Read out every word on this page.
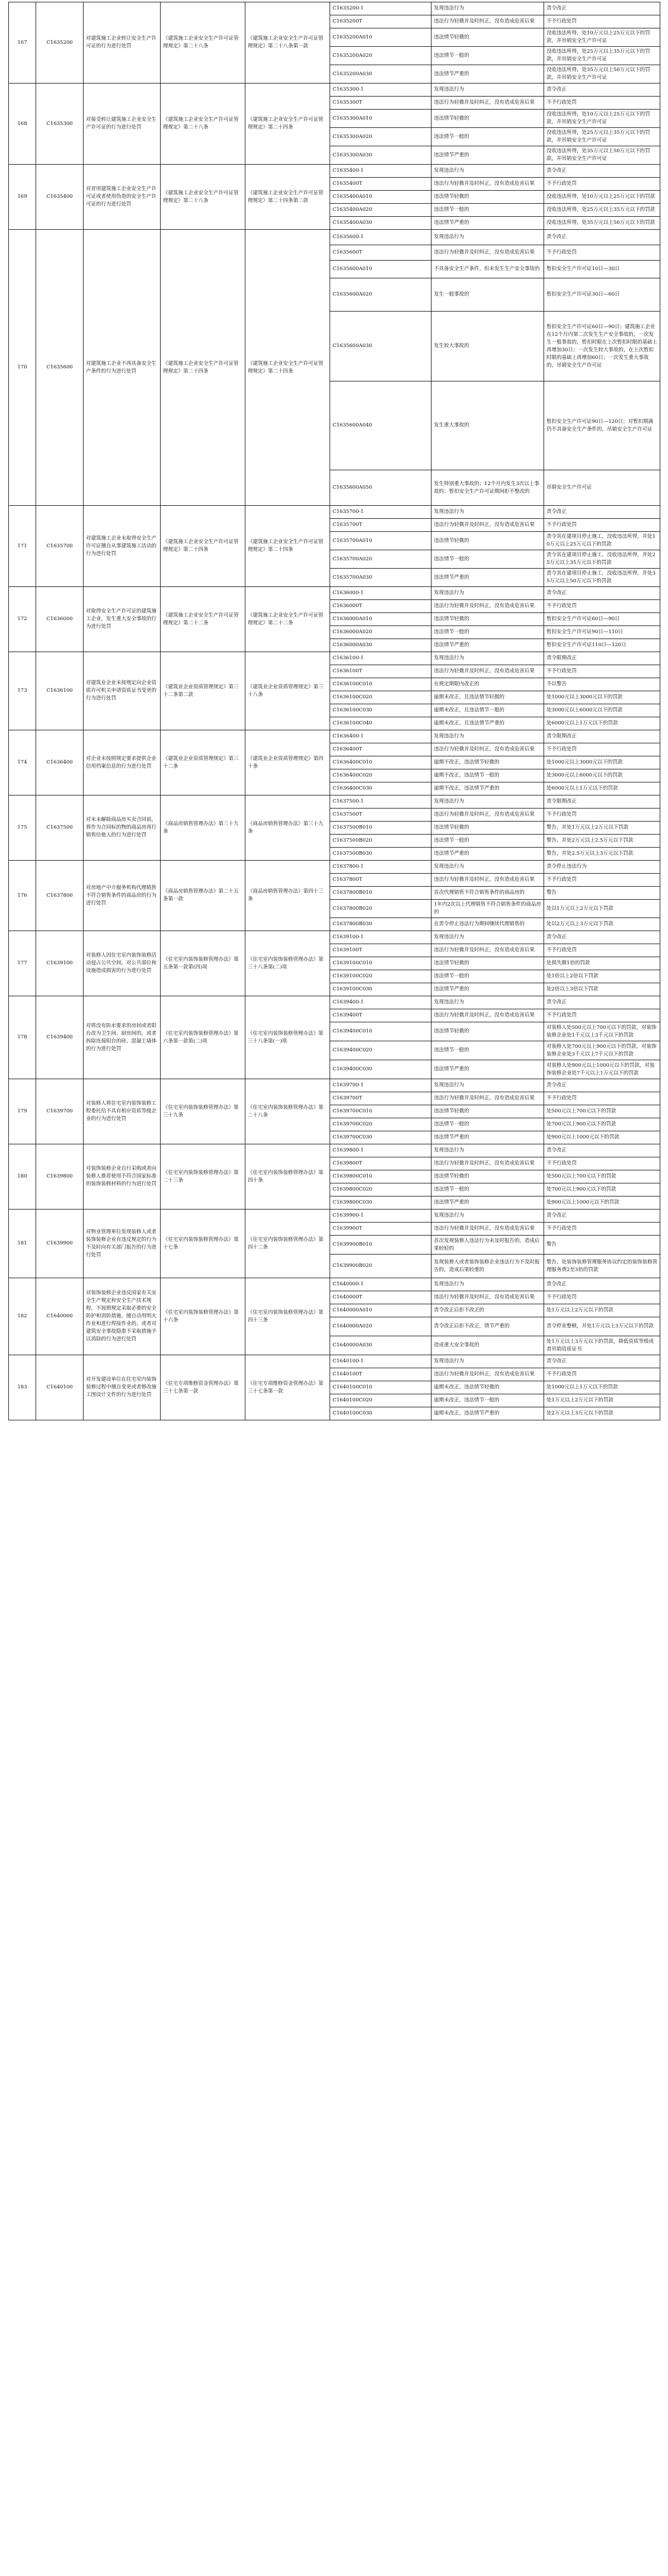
167	C1635200	对建筑施工企业转让安全生产许可证的行为进行处罚	《建筑施工企业安全生产许可证管理规定》第二十八条	《建筑施工企业安全生产许可证管理规定》第二十八条第一款	C1635200-1	发现违法行为	责令改正
					C1635200T	违法行为轻微并及时纠正，没有造成危害后果	不予行政处罚
					C1635200A010	违法情节轻微的	没收违法所得，处10万元以上25万元以下的罚款，并吊销安全生产许可证
					C1635200A020	违法情节一般的	没收违法所得，处25万元以上35万元以下的罚款，并吊销安全生产许可证
					C1635200A030	违法情节严重的	没收违法所得，处35万元以上50万元以下的罚款，并吊销安全生产许可证
168	C1635300	对接受转让建筑施工企业安全生产许可证的行为进行处罚	《建筑施工企业安全生产许可证管理规定》第二十八条	《建筑施工企业安全生产许可证管理规定》第二十四条	C1635300-1	发现违法行为	责令改正
					C1635300T	违法行为轻微并及时纠正，没有造成危害后果	不予行政处罚
					C1635300A010	违法情节轻微的	没收违法所得，处10万元以上25万元以下的罚款，并吊销安全生产许可证
					C1635300A020	违法情节一般的	没收违法所得，处25万元以上35万元以下的罚款，并吊销安全生产许可证
					C1635300A030	违法情节严重的	没收违法所得，处35万元以上50万元以下的罚款，并吊销安全生产许可证
169	C1635400	对冒用建筑施工企业安全生产许可证或者使用伪造的安全生产许可证的行为进行处罚	《建筑施工企业安全生产许可证管理规定》第二十八条	《建筑施工企业安全生产许可证管理规定》第二十四条第二款	C1635400-1	发现违法行为	责令改正
					C1635400T	违法行为轻微并及时纠正，没有造成危害后果	不予行政处罚
					C1635400A010	违法情节轻微的	没收违法所得，处10万元以上25万元以下的罚款
					C1635400A020	违法情节一般的	没收违法所得，处25万元以上35万元以下的罚款
					C1635400A030	违法情节严重的	没收违法所得，处35万元以上50万元以下的罚款
170	C1635600	对建筑施工企业不再具备安全生产条件的行为进行处罚	《建筑施工企业安全生产许可证管理规定》第二十四条	《建筑施工企业安全生产许可证管理规定》第二十四条	C1635600-1	发现违法行为	责令改正
					C1635600T	违法行为轻微并及时纠正，没有造成危害后果	不予行政处罚
					C1635600A010	不具备安全生产条件，但未发生生产安全事故的	暂扣安全生产许可证10日—30日
					C1635600A020	发生一般事故的	暂扣安全生产许可证30日—60日
					C1635600A030	发生较大事故的	暂扣安全生产许可证60日—90日；建筑施工企业在12个月内第二次发生生产安全事故的，一次发生一般事故的，暂扣时限在上次暂扣时限的基础上再增加30日；一次发生较大事故的，在上次暂扣时限的基础上再增加60日；一次发生重大事故的，吊销安全生产许可证
					C1635600A040	发生重大事故的	暂扣安全生产许可证90日—120日；对暂扣期满仍不具备安全生产条件的，吊销安全生产许可证
					C1635600A050	发生特别重大事故的；12个月内发生3次以上事故的；暂扣安全生产许可证期间拒不整改的	吊销安全生产许可证
171	C1635700	对建筑施工企业未取得安全生产许可证擅自从事建筑施工活动的行为进行处罚	《建筑施工企业安全生产许可证管理规定》第二十四条	《建筑施工企业安全生产许可证管理规定》第二十四条	C1635700-1	发现违法行为	责令改正
					C1635700T	违法行为轻微并及时纠正，没有造成危害后果	不予行政处罚
					C1635700A010	违法情节轻微的	责令其在建项目停止施工，没收违法所得，并处10万元以上25万元以下的罚款
					C1635700A020	违法情节一般的	责令其在建项目停止施工，没收违法所得，并处25万元以上35万元以下的罚款
					C1635700A030	违法情节严重的	责令其在建项目停止施工，没收违法所得，并处35万元以上50万元以下的罚款
172	C1636000	对取得安全生产许可证的建筑施工企业，发生重大安全事故的行为进行处罚	《建筑施工企业安全生产许可证管理规定》第二十二条	《建筑施工企业安全生产许可证管理规定》第二十二条	C1636000-1	发现违法行为	责令改正
					C1636000T	违法行为轻微并及时纠正，没有造成危害后果	不予行政处罚
					C1636000A010	违法情节轻微的	暂扣安全生产许可证60日—90日
					C1636000A020	违法情节一般的	暂扣安全生产许可证90日—110日
					C1636000A030	违法情节严重的	暂扣安全生产许可证110日—120日
173	C1636100	对建筑业企业未按规定向企业资质许可机关申请资质证书变更的行为进行处罚	《建筑业企业资质管理规定》第三十二条第二款	《建筑业企业资质管理规定》第三十八条	C1636100-1	发现违法行为	责令限期改正
					C1636100T	违法行为轻微并及时纠正，没有造成危害后果	不予行政处罚
					C1636100C010	在规定期限内改正的	予以警告
					C1636100C020	逾期未改正，且违法情节轻微的	处1000元以上3000元以下的罚款
					C1636100C030	逾期未改正，且违法情节一般的	处3000元以上6000元以下的罚款
					C1636100C040	逾期未改正，且违法情节严重的	处6000元以上1万元以下的罚款
174	C1636400	对企业未按照规定要求提供企业信用档案信息的行为进行处罚	《建筑业企业资质管理规定》第三十二条	《建筑业企业资质管理规定》第四十条	C1636400-1	发现违法行为	责令限期改正
					C1636400T	违法行为轻微并及时纠正，没有造成危害后果	不予行政处罚
					C1636400C010	逾期不改正，违法情节轻微的	处1000元以上3000元以下的罚款
					C1636400C020	逾期不改正，违法情节一般的	处3000元以上6000元以下的罚款
					C1636400C030	逾期不改正，违法情节严重的	处6000元以上1万元以下的罚款
175	C1637500	对未未解除商品房买卖合同前，将作为合同标的物的商品房再行销售给他人的行为进行处罚	《商品房销售管理办法》第三十九条	《商品房销售管理办法》第三十九条	C1637500-1	发现违法行为	责令限期改正
					C1637500T	违法行为轻微并及时纠正，没有造成危害后果	不予行政处罚
					C1637500B010	违法情节轻微的	警告，并处1万元以上2万元以下罚款
					C1637500B020	违法情节一般的	警告，并处2万元以上2.5万元以下罚款
					C1637500B030	违法情节严重的	警告，并处2.5万元以上3万元以下罚款
176	C1637800	对房地产中介服务机构代理销售不符合销售条件的商品房的行为进行处罚	《商品房销售管理办法》第二十五条第一款	《商品房销售管理办法》第四十三条	C1637800-1	发现违法行为	责令停止违法行为
					C1637800T	违法行为轻微并及时纠正，没有造成危害后果	不予行政处罚
					C1637800B010	首次代理销售不符合销售条件的商品房的	警告
					C1637800B020	1年内2次以上代理销售不符合销售条件的商品房的	处以1万元以上2万元以下罚款
					C1637800B030	在责令停止违法行为期间继续代理销售的	处以2万元以上3万元以下罚款
177	C1639100	对装修人因住宅室内装饰装修活动侵占公共空间，对公共部位和设施造成损害的行为进行处罚	《住宅室内装饰装修管理办法》第五条第一款第(四)项	《住宅室内装饰装修管理办法》第三十八条第(二)项	C1639100-1	发现违法行为	责令改正
					C1639100T	违法行为轻微并及时纠正，没有造成危害后果	不予行政处罚
					C1639100C010	违法情节轻微的	处损失额1倍的罚款
					C1639100C020	违法情节一般的	处1倍以上2倍以下罚款
					C1639100C030	违法情节严重的	处2倍以上3倍以下罚款
178	C1639400	对将没有防水要求的房间或者阳台改为卫生间、厨房间的，或者拆除连接阳台的砖、混凝土墙体的行为进行处罚	《住宅室内装饰装修管理办法》第六条第一款第(二)项	《住宅室内装饰装修管理办法》第三十八条第(一)项	C1639400-1	发现违法行为	责令改正
					C1639400T	违法行为轻微并及时纠正，没有造成危害后果	不予行政处罚
					C1639400C010	违法情节轻微的	对装修人处500元以上700元以下的罚款，对装饰装修企业处1千元以上3千元以下的罚款
					C1639400C020	违法情节一般的	对装修人处700元以上900元以下的罚款，对装饰装修企业处3千元以上7千元以下的罚款
					C1639400C030	违法情节严重的	对装修人处900元以上1000元以下的罚款，对装饰装修企业处7千元以上1万元以下的罚款
179	C1639700	对装修人将住宅室内装饰装修工程委托给不具有相应资质等级企业的行为进行处罚	《住宅室内装饰装修管理办法》第三十九条	《住宅室内装饰装修管理办法》第二十八条	C1639700-1	发现违法行为	责令改正
					C1639700T	违法行为轻微并及时纠正，没有造成危害后果	不予行政处罚
					C1639700C010	违法情节轻微的	处500元以上700元以下的罚款
					C1639700C020	违法情节一般的	处700元以上900元以下的罚款
					C1639700C030	违法情节严重的	处900元以上1000元以下的罚款
180	C1639800	对装饰装修企业自行采购或者向装修人推荐使用不符合国家标准的装饰装修材料的行为进行处罚	《住宅室内装饰装修管理办法》第二十三条	《住宅室内装饰装修管理办法》第四十条	C1639800-1	发现违法行为	责令改正
					C1639800T	违法行为轻微并及时纠正，没有造成危害后果	不予行政处罚
					C1639800C010	违法情节轻微的	处500元以上700元以下的罚款
					C1639800C020	违法情节一般的	处700元以上900元以下的罚款
					C1639800C030	违法情节严重的	处900元以上1000元以下的罚款
181	C1639900	对物业管理单位发现装修人或者装饰装修企业有违反规定的行为不及时向有关部门报告的行为进行处罚	《住宅室内装饰装修管理办法》第十七条	《住宅室内装饰装修管理办法》第四十二条	C1639900-1	发现违法行为	责令改正
					C1639900T	违法行为轻微并及时纠正，没有造成危害后果	不予行政处罚
					C1639900B010	首次发现装修人违法行为未及时报告的，造成后果较轻的	警告
					C1639900B020	发现装修人或者装饰装修企业违法行为不及时报告的，造成后果较重的	警告，处装饰装修管理服务协议约定的装饰装修管理服务费2至3倍的罚款
182	C1640000	对装饰装修企业违反国家有关安全生产规定和安全生产技术规程，不按照规定采取必要的安全防护和消防措施，擅自动用明火作业和进行焊接作业的，或者对建筑安全事故隐患不采取措施予以消除的行为进行处罚	《住宅室内装饰装修管理办法》第十六条	《住宅室内装饰装修管理办法》第四十三条	C1640000-1	发现违法行为	责令改正
					C1640000T	违法行为轻微并及时纠正，没有造成危害后果	不予行政处罚
					C1640000A010	责令改正后拒不改正的	处1万元以上2万元以下的罚款
					C1640000A020	责令改正后拒不改正，情节严重的	责令停业整顿，并处1万元以上3万元以下的罚款
					C1640000A030	造成重大安全事故的	处1万元以上3万元以下的罚款，降低资质等级或者吊销资质证书
183	C1640100	对开发建设单位在住宅室内装饰装修过程中擅自变更或者修改施工图设计文件的行为进行处罚	《住宅专项维修资金管理办法》第三十七条第一款	《住宅专项维修资金管理办法》第三十七条第一款	C1640100-1	发现违法行为	责令改正
					C1640100T	违法行为轻微并及时纠正，没有造成危害后果	不予行政处罚
					C1640100C010	逾期未改正，违法情节轻微的	处1000元以上1万元以下的罚款
					C1640100C020	逾期未改正，违法情节一般的	处1万元以上2万元以下的罚款
					C1640100C030	逾期未改正，违法情节严重的	处2万元以上3万元以下的罚款
